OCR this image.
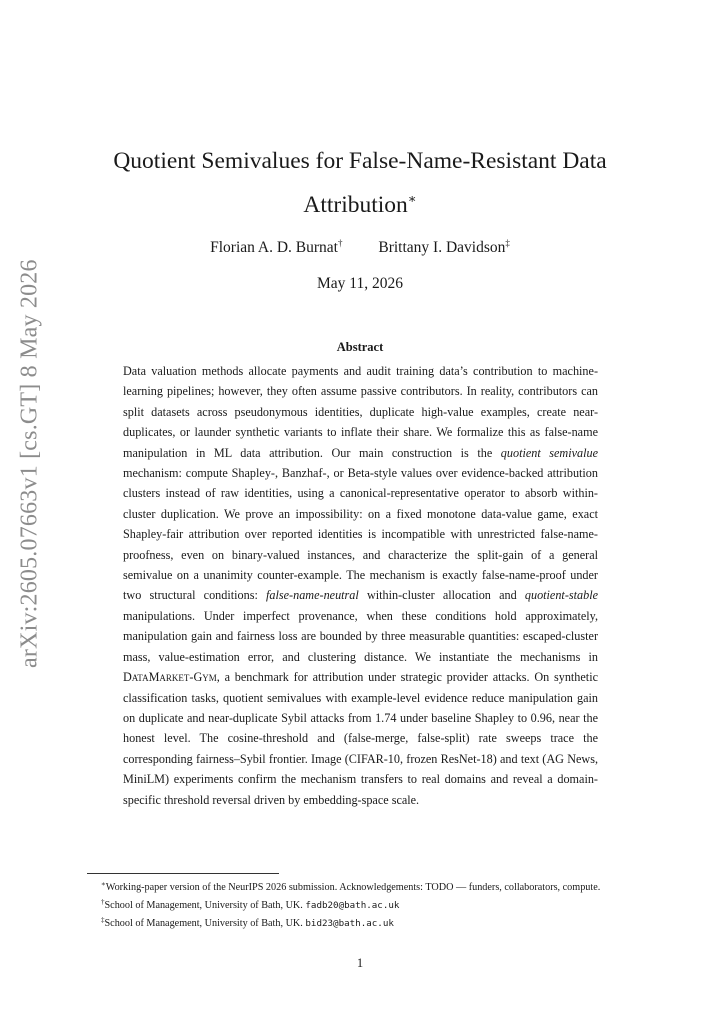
arXiv:2605.07663v1 [cs.GT] 8 May 2026
Quotient Semivalues for False-Name-Resistant Data Attribution∗
Florian A. D. Burnat† Brittany I. Davidson‡
May 11, 2026
Abstract

Data valuation methods allocate payments and audit training data’s contribution to machine-learning pipelines; however, they often assume passive contributors. In reality, contributors can split datasets across pseudonymous identities, duplicate high-value examples, create near-duplicates, or launder synthetic variants to inflate their share. We formalize this as false-name manipulation in ML data attribution. Our main construction is the quotient semivalue mechanism: compute Shapley-, Banzhaf-, or Beta-style values over evidence-backed attribution clusters instead of raw identities, using a canonical-representative operator to absorb within-cluster duplication. We prove an impossibility: on a fixed monotone data-value game, exact Shapley-fair attribution over reported identities is incompatible with unrestricted false-name-proofness, even on binary-valued instances, and characterize the split-gain of a general semivalue on a unanimity counter-example. The mechanism is exactly false-name-proof under two structural conditions: false-name-neutral within-cluster allocation and quotient-stable manipulations. Under imperfect provenance, when these conditions hold approximately, manipulation gain and fairness loss are bounded by three measurable quantities: escaped-cluster mass, value-estimation error, and clustering distance. We instantiate the mechanisms in DataMarket-Gym, a benchmark for attribution under strategic provider attacks. On synthetic classification tasks, quotient semivalues with example-level evidence reduce manipulation gain on duplicate and near-duplicate Sybil attacks from 1.74 under baseline Shapley to 0.96, near the honest level. The cosine-threshold and (false-merge, false-split) rate sweeps trace the corresponding fairness–Sybil frontier. Image (CIFAR-10, frozen ResNet-18) and text (AG News, MiniLM) experiments confirm the mechanism transfers to real domains and reveal a domain-specific threshold reversal driven by embedding-space scale.

∗Working-paper version of the NeurIPS 2026 submission. Acknowledgements: TODO — funders, collaborators, compute.

†School of Management, University of Bath, UK. fadb20@bath.ac.uk

‡School of Management, University of Bath, UK. bid23@bath.ac.uk

1
